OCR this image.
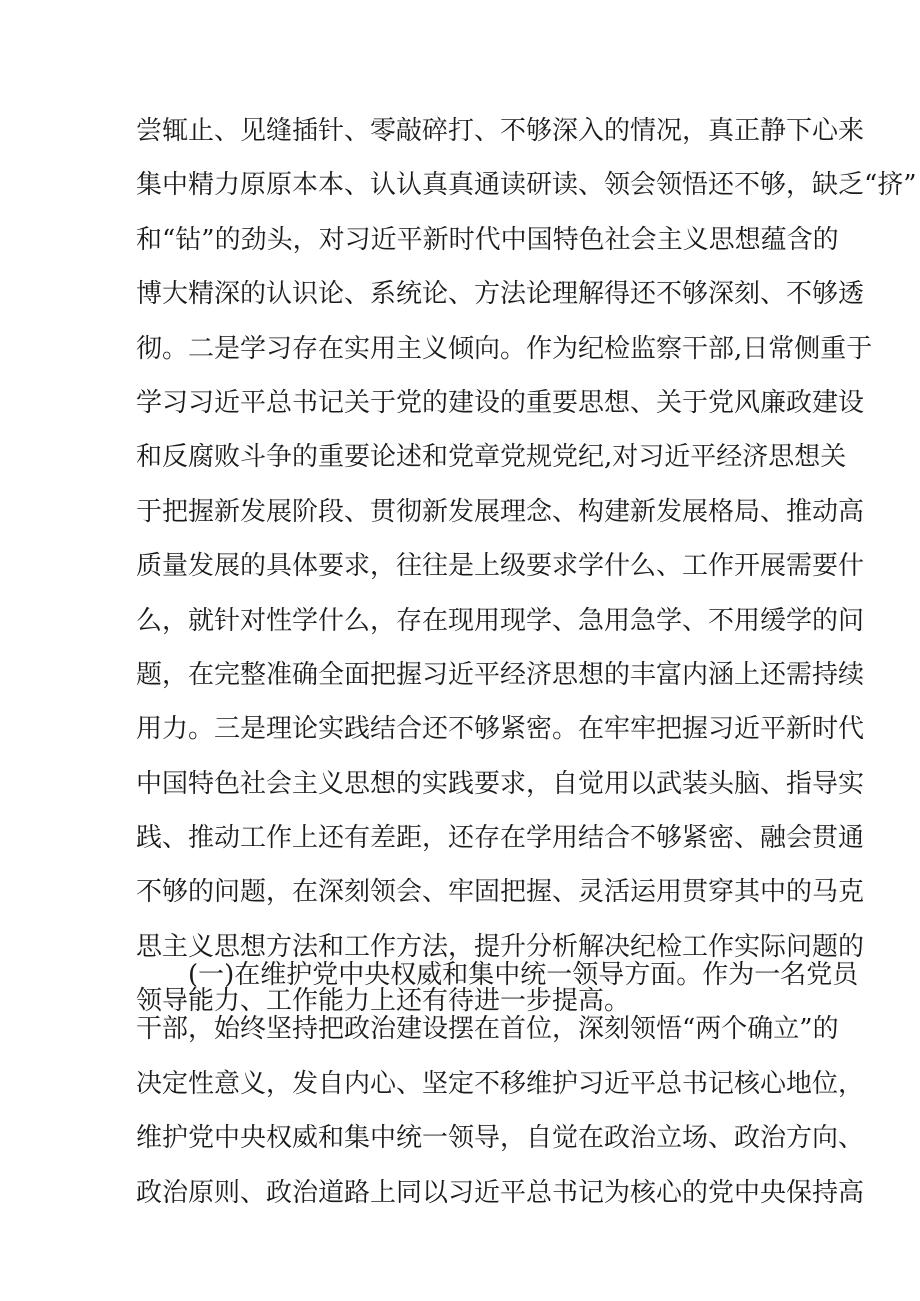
尝辄止、见缝插针、零敲碎打、不够深入的情况，真正静下心来
集中精力原原本本、认认真真通读研读、领会领悟还不够，缺乏“挤”
和“钻”的劲头，对习近平新时代中国特色社会主义思想蕴含的
博大精深的认识论、系统论、方法论理解得还不够深刻、不够透
彻。二是学习存在实用主义倾向。作为纪检监察干部,日常侧重于
学习习近平总书记关于党的建设的重要思想、关于党风廉政建设
和反腐败斗争的重要论述和党章党规党纪,对习近平经济思想关
于把握新发展阶段、贯彻新发展理念、构建新发展格局、推动高
质量发展的具体要求，往往是上级要求学什么、工作开展需要什
么，就针对性学什么，存在现用现学、急用急学、不用缓学的问
题，在完整准确全面把握习近平经济思想的丰富内涵上还需持续
用力。三是理论实践结合还不够紧密。在牢牢把握习近平新时代
中国特色社会主义思想的实践要求，自觉用以武装头脑、指导实
践、推动工作上还有差距，还存在学用结合不够紧密、融会贯通
不够的问题，在深刻领会、牢固把握、灵活运用贯穿其中的马克
思主义思想方法和工作方法，提升分析解决纪检工作实际问题的
领导能力、工作能力上还有待进一步提高。
(一)在维护党中央权威和集中统一领导方面。作为一名党员
干部，始终坚持把政治建设摆在首位，深刻领悟“两个确立”的
决定性意义，发自内心、坚定不移维护习近平总书记核心地位，
维护党中央权威和集中统一领导，自觉在政治立场、政治方向、
政治原则、政治道路上同以习近平总书记为核心的党中央保持高
